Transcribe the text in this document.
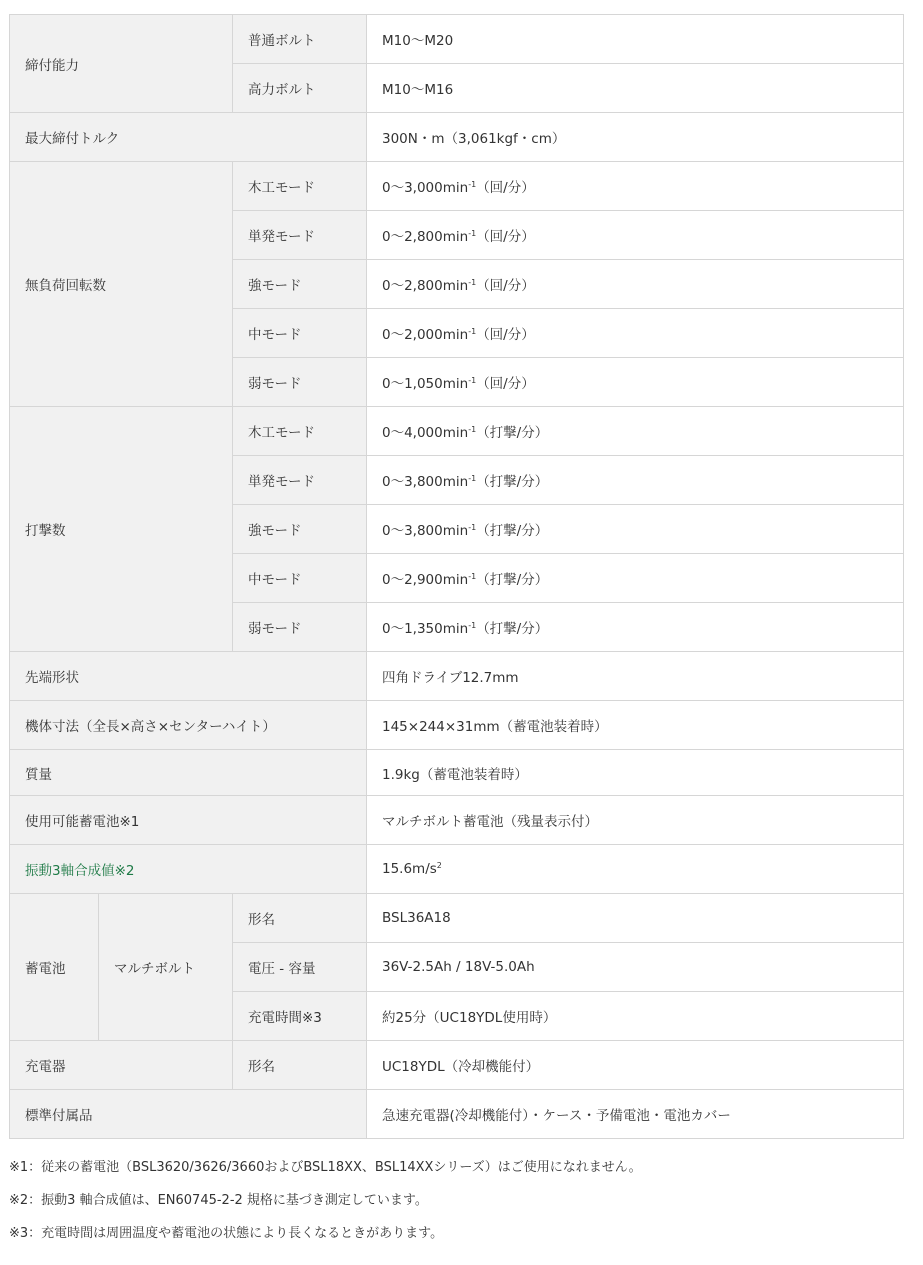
締付能力		普通ボルト	M10〜M20
		高力ボルト	M10〜M16
最大締付トルク			300N・m（3,061kgf・cm）
無負荷回転数		木工モード	0〜$3,000\min^{-1}$（回/分）
		単発モード	0〜$2,800\min^{-1}$（回/分）
		強モード	0〜$2,800\min^{-1}$（回/分）
		中モード	0〜$2,000\min^{-1}$（回/分）
		弱モード	0〜$1,050\min^{-1}$（回/分）
打撃数		木工モード	0〜$4,000\min^{-1}$（打撃/分）
		単発モード	0〜$3,800\min^{-1}$（打撃/分）
		強モード	0〜$3,800\min^{-1}$（打撃/分）
		中モード	0〜$2,900\min^{-1}$（打撃/分）
		弱モード	0〜$1,350\min^{-1}$（打撃/分）
先端形状			四角ドライブ12.7mm
機体寸法（全長×高さ×センターハイト）			145×244×31mm（蓄電池装着時）
質量			1.9kg（蓄電池装着時）
使用可能蓄電池※1			マルチボルト蓄電池（残量表示付）
振動3軸合成値※2			$15.6m/s^2$
蓄電池	マルチボルト	形名	BSL36A18
		電圧 - 容量	36V-2.5Ah / 18V-5.0Ah
		充電時間※3	約25分（UC18YDL使用時）
充電器		形名	UC18YDL（冷却機能付）
標準付属品			急速充電器(冷却機能付）・ケース・予備電池・電池カバー

※1：従来の蓄電池（BSL3620/3626/3660およびBSL18XX、BSL14XXシリーズ）はご使用になれません。

※2：振動3 軸合成値は、EN60745-2-2 規格に基づき測定しています。

※3：充電時間は周囲温度や蓄電池の状態により長くなるときがあります。
